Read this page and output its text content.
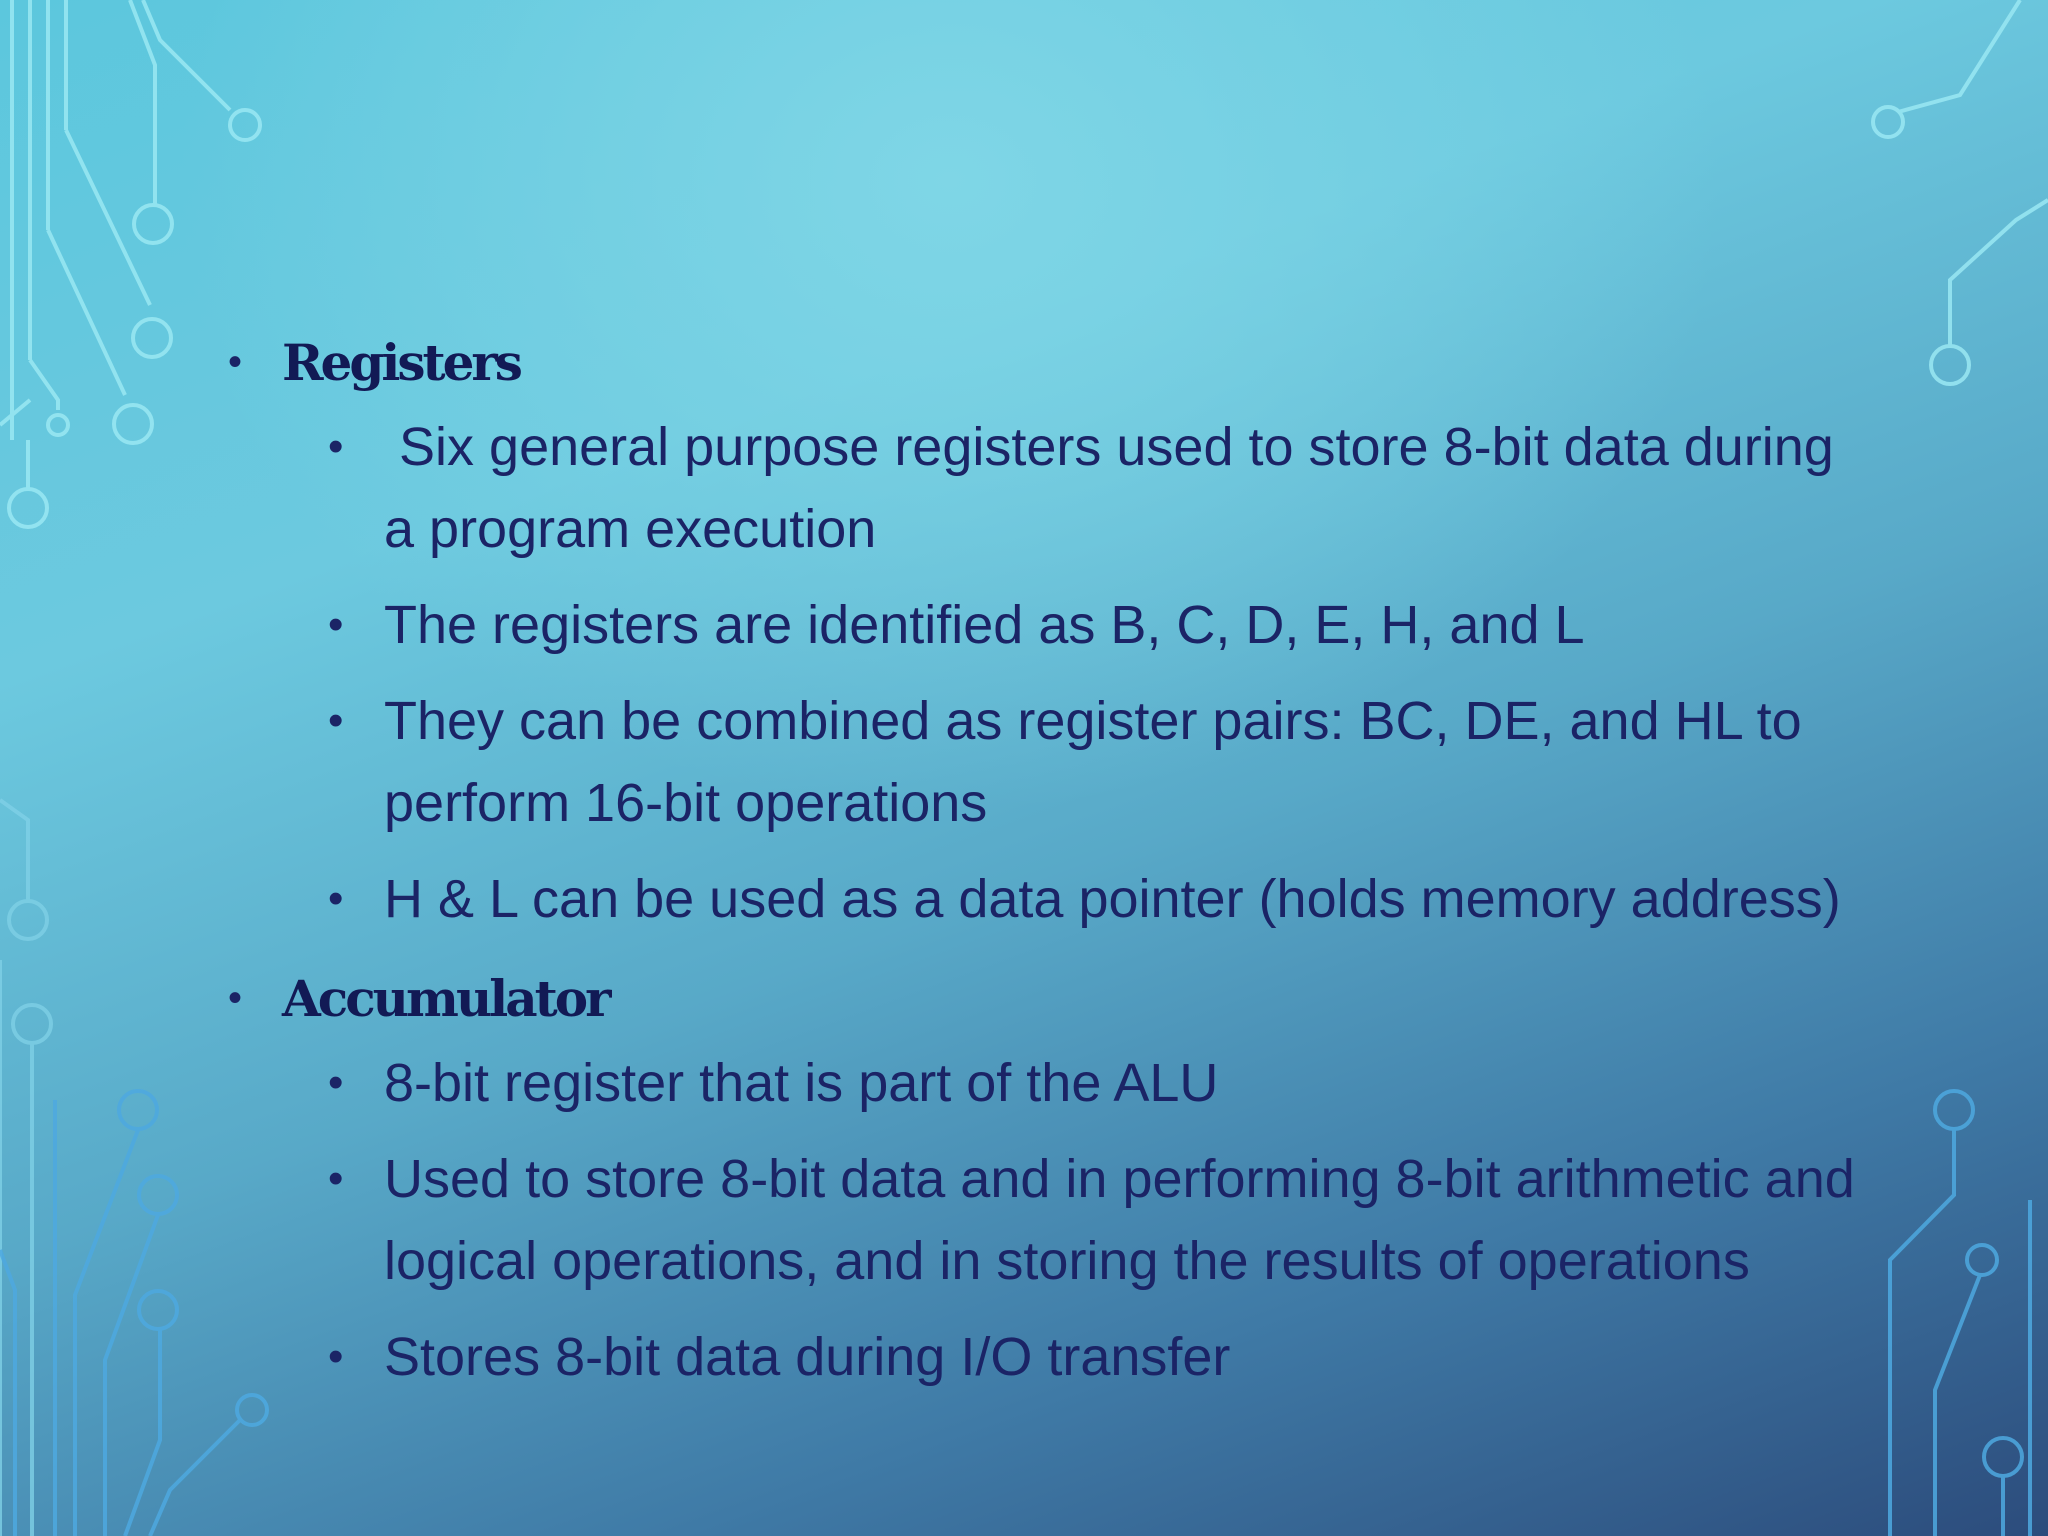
• Registers
• Six general purpose registers used to store 8-bit data during a program execution
• The registers are identified as B, C, D, E, H, and L
• They can be combined as register pairs: BC, DE, and HL to perform 16-bit operations
• H & L can be used as a data pointer (holds memory address)
• Accumulator
• 8-bit register that is part of the ALU
• Used to store 8-bit data and in performing 8-bit arithmetic and logical operations, and in storing the results of operations
• Stores 8-bit data during I/O transfer
